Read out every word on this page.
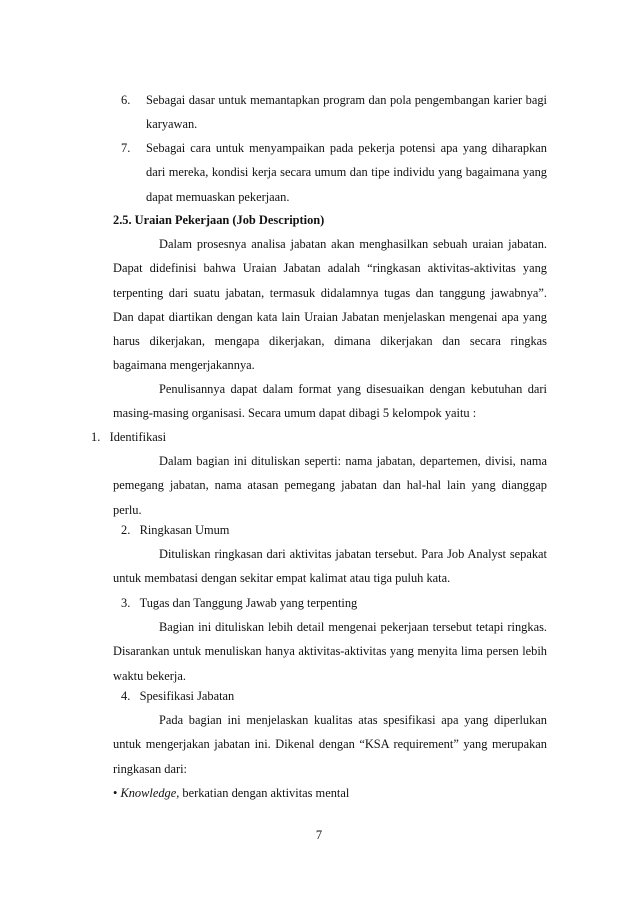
6. Sebagai dasar untuk memantapkan program dan pola pengembangan karier bagi karyawan.
7. Sebagai cara untuk menyampaikan pada pekerja potensi apa yang diharapkan dari mereka, kondisi kerja secara umum dan tipe individu yang bagaimana yang dapat memuaskan pekerjaan.
2.5. Uraian Pekerjaan (Job Description)
Dalam prosesnya analisa jabatan akan menghasilkan sebuah uraian jabatan. Dapat didefinisi bahwa Uraian Jabatan adalah “ringkasan aktivitas-aktivitas yang terpenting dari suatu jabatan, termasuk didalamnya tugas dan tanggung jawabnya”. Dan dapat diartikan dengan kata lain Uraian Jabatan menjelaskan mengenai apa yang harus dikerjakan, mengapa dikerjakan, dimana dikerjakan dan secara ringkas bagaimana mengerjakannya.
Penulisannya dapat dalam format yang disesuaikan dengan kebutuhan dari masing-masing organisasi. Secara umum dapat dibagi 5 kelompok yaitu :
1. Identifikasi
Dalam bagian ini dituliskan seperti: nama jabatan, departemen, divisi, nama pemegang jabatan, nama atasan pemegang jabatan dan hal-hal lain yang dianggap perlu.
2. Ringkasan Umum
Dituliskan ringkasan dari aktivitas jabatan tersebut. Para Job Analyst sepakat untuk membatasi dengan sekitar empat kalimat atau tiga puluh kata.
3. Tugas dan Tanggung Jawab yang terpenting
Bagian ini dituliskan lebih detail mengenai pekerjaan tersebut tetapi ringkas. Disarankan untuk menuliskan hanya aktivitas-aktivitas yang menyita lima persen lebih waktu bekerja.
4. Spesifikasi Jabatan
Pada bagian ini menjelaskan kualitas atas spesifikasi apa yang diperlukan untuk mengerjakan jabatan ini. Dikenal dengan “KSA requirement” yang merupakan ringkasan dari:
• Knowledge, berkatian dengan aktivitas mental
7
